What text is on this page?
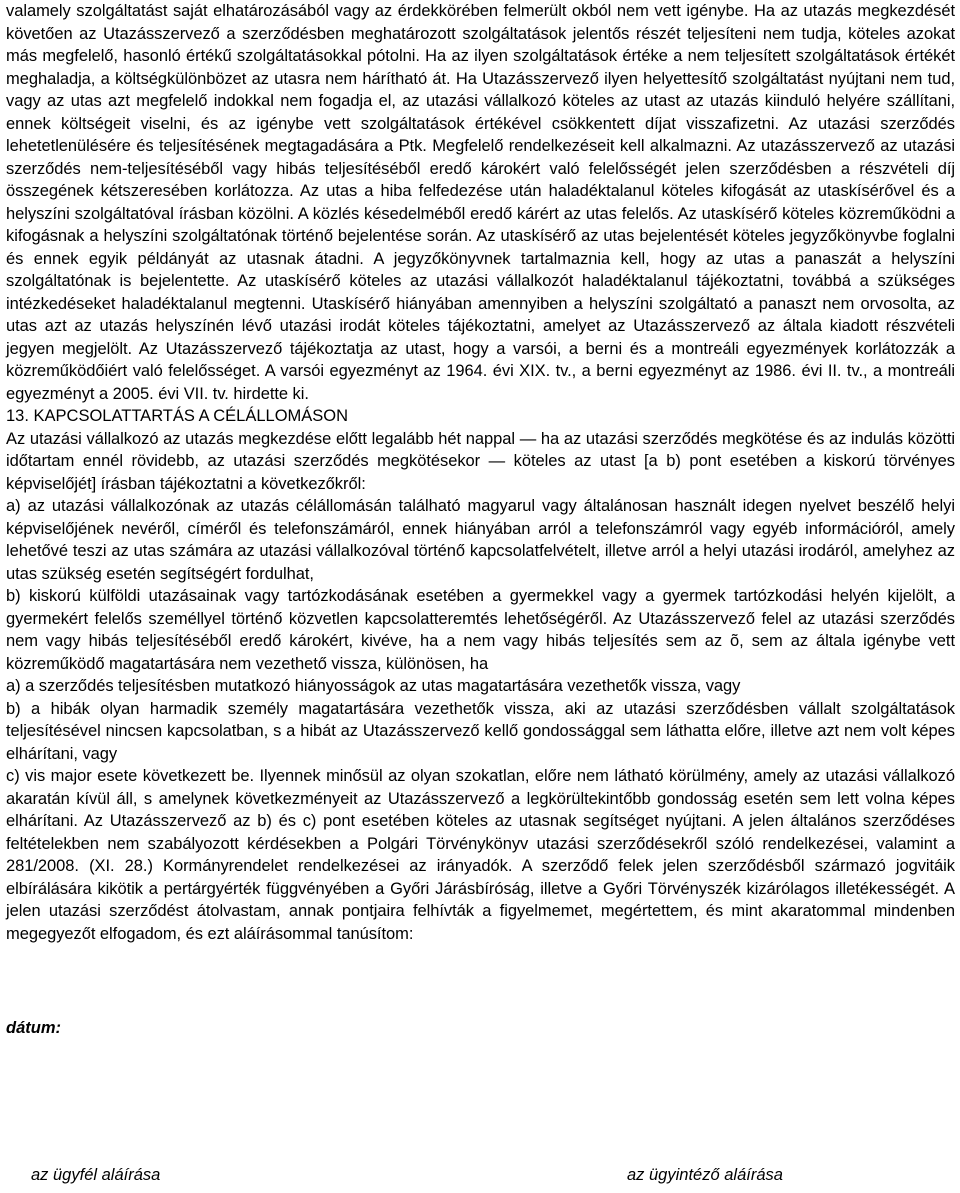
valamely szolgáltatást saját elhatározásából vagy az érdekkörében felmerült okból nem vett igénybe. Ha az utazás megkezdését követően az Utazásszervező a szerződésben meghatározott szolgáltatások jelentős részét teljesíteni nem tudja, köteles azokat más megfelelő, hasonló értékű szolgáltatásokkal pótolni. Ha az ilyen szolgáltatások értéke a nem teljesített szolgáltatások értékét meghaladja, a költségkülönbözet az utasra nem hárítható át. Ha Utazásszervező ilyen helyettesítő szolgáltatást nyújtani nem tud, vagy az utas azt megfelelő indokkal nem fogadja el, az utazási vállalkozó köteles az utast az utazás kiinduló helyére szállítani, ennek költségeit viselni, és az igénybe vett szolgáltatások értékével csökkentett díjat visszafizetni. Az utazási szerződés lehetetlenülésére és teljesítésének megtagadására a Ptk. Megfelelő rendelkezéseit kell alkalmazni. Az utazásszervező az utazási szerződés nem-teljesítéséből vagy hibás teljesítéséből eredő károkért való felelősségét jelen szerződésben a részvételi díj összegének kétszeresében korlátozza. Az utas a hiba felfedezése után haladéktalanul köteles kifogását az utaskísérővel és a helyszíni szolgáltatóval írásban közölni. A közlés késedelméből eredő kárért az utas felelős. Az utaskísérő köteles közreműködni a kifogásnak a helyszíni szolgáltatónak történő bejelentése során. Az utaskísérő az utas bejelentését köteles jegyzőkönyvbe foglalni és ennek egyik példányát az utasnak átadni. A jegyzőkönyvnek tartalmaznia kell, hogy az utas a panaszát a helyszíni szolgáltatónak is bejelentette. Az utaskísérő köteles az utazási vállalkozót haladéktalanul tájékoztatni, továbbá a szükséges intézkedéseket haladéktalanul megtenni. Utaskísérő hiányában amennyiben a helyszíni szolgáltató a panaszt nem orvosolta, az utas azt az utazás helyszínén lévő utazási irodát köteles tájékoztatni, amelyet az Utazásszervező az általa kiadott részvételi jegyen megjelölt. Az Utazásszervező tájékoztatja az utast, hogy a varsói, a berni és a montreáli egyezmények korlátozzák a közreműködőiért való felelősséget. A varsói egyezményt az 1964. évi XIX. tv., a berni egyezményt az 1986. évi II. tv., a montreáli egyezményt a 2005. évi VII. tv. hirdette ki.

13. KAPCSOLATTARTÁS A CÉLÁLLOMÁSON

Az utazási vállalkozó az utazás megkezdése előtt legalább hét nappal — ha az utazási szerződés megkötése és az indulás közötti időtartam ennél rövidebb, az utazási szerződés megkötésekor — köteles az utast [a b) pont esetében a kiskorú törvényes képviselőjét] írásban tájékoztatni a következőkről:

a) az utazási vállalkozónak az utazás célállomásán található magyarul vagy általánosan használt idegen nyelvet beszélő helyi képviselőjének nevéről, címéről és telefonszámáról, ennek hiányában arról a telefonszámról vagy egyéb információról, amely lehetővé teszi az utas számára az utazási vállalkozóval történő kapcsolatfelvételt, illetve arról a helyi utazási irodáról, amelyhez az utas szükség esetén segítségért fordulhat,

b) kiskorú külföldi utazásainak vagy tartózkodásának esetében a gyermekkel vagy a gyermek tartózkodási helyén kijelölt, a gyermekért felelős személlyel történő közvetlen kapcsolatteremtés lehetőségéről. Az Utazásszervező felel az utazási szerződés nem vagy hibás teljesítéséből eredő károkért, kivéve, ha a nem vagy hibás teljesítés sem az õ, sem az általa igénybe vett közreműködő magatartására nem vezethető vissza, különösen, ha

a) a szerződés teljesítésben mutatkozó hiányosságok az utas magatartására vezethetők vissza, vagy

b) a hibák olyan harmadik személy magatartására vezethetők vissza, aki az utazási szerződésben vállalt szolgáltatások teljesítésével nincsen kapcsolatban, s a hibát az Utazásszervező kellő gondossággal sem láthatta előre, illetve azt nem volt képes elhárítani, vagy

c) vis major esete következett be. Ilyennek minősül az olyan szokatlan, előre nem látható körülmény, amely az utazási vállalkozó akaratán kívül áll, s amelynek következményeit az Utazásszervező a legkörültekintőbb gondosság esetén sem lett volna képes elhárítani. Az Utazásszervező az b) és c) pont esetében köteles az utasnak segítséget nyújtani. A jelen általános szerződéses feltételekben nem szabályozott kérdésekben a Polgári Törvénykönyv utazási szerződésekről szóló rendelkezései, valamint a 281/2008. (XI. 28.) Kormányrendelet rendelkezései az irányadók. A szerződő felek jelen szerződésből származó jogvitáik elbírálására kikötik a pertárgyérték függvényében a Győri Járásbíróság, illetve a Győri Törvényszék kizárólagos illetékességét. A jelen utazási szerződést átolvastam, annak pontjaira felhívták a figyelmemet, megértettem, és mint akaratommal mindenben megegyezőt elfogadom, és ezt aláírásommal tanúsítom:

dátum:
az ügyfél aláírása	az ügyintéző aláírása
